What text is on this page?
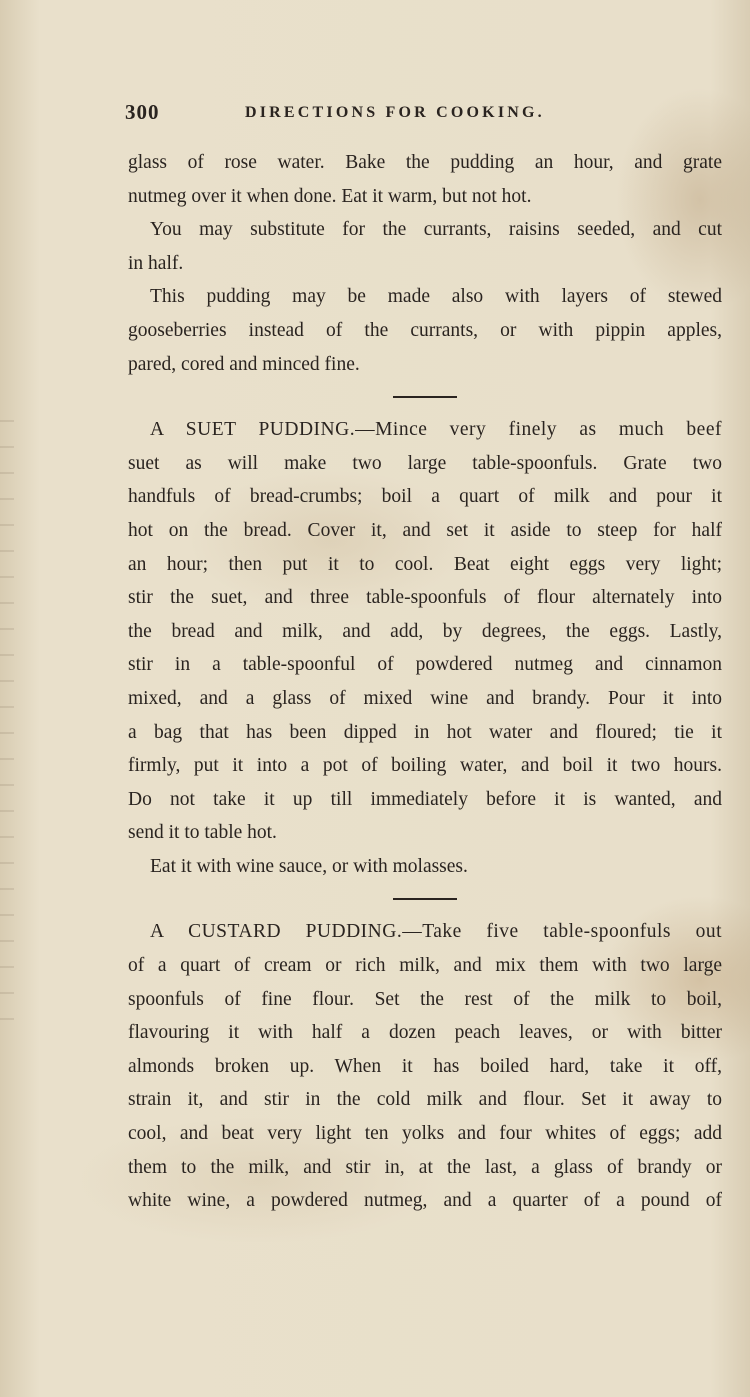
300	DIRECTIONS FOR COOKING.
glass of rose water. Bake the pudding an hour, and grate
nutmeg over it when done. Eat it warm, but not hot.
You may substitute for the currants, raisins seeded, and cut
in half.
This pudding may be made also with layers of stewed
gooseberries instead of the currants, or with pippin apples,
pared, cored and minced fine.
A SUET PUDDING.—Mince very finely as much beef
suet as will make two large table-spoonfuls. Grate two
handfuls of bread-crumbs; boil a quart of milk and pour it
hot on the bread. Cover it, and set it aside to steep for half
an hour; then put it to cool. Beat eight eggs very light;
stir the suet, and three table-spoonfuls of flour alternately into
the bread and milk, and add, by degrees, the eggs. Lastly,
stir in a table-spoonful of powdered nutmeg and cinnamon
mixed, and a glass of mixed wine and brandy. Pour it into
a bag that has been dipped in hot water and floured; tie it
firmly, put it into a pot of boiling water, and boil it two hours.
Do not take it up till immediately before it is wanted, and
send it to table hot.
Eat it with wine sauce, or with molasses.
A CUSTARD PUDDING.—Take five table-spoonfuls out
of a quart of cream or rich milk, and mix them with two large
spoonfuls of fine flour. Set the rest of the milk to boil,
flavouring it with half a dozen peach leaves, or with bitter
almonds broken up. When it has boiled hard, take it off,
strain it, and stir in the cold milk and flour. Set it away to
cool, and beat very light ten yolks and four whites of eggs; add
them to the milk, and stir in, at the last, a glass of brandy or
white wine, a powdered nutmeg, and a quarter of a pound of
